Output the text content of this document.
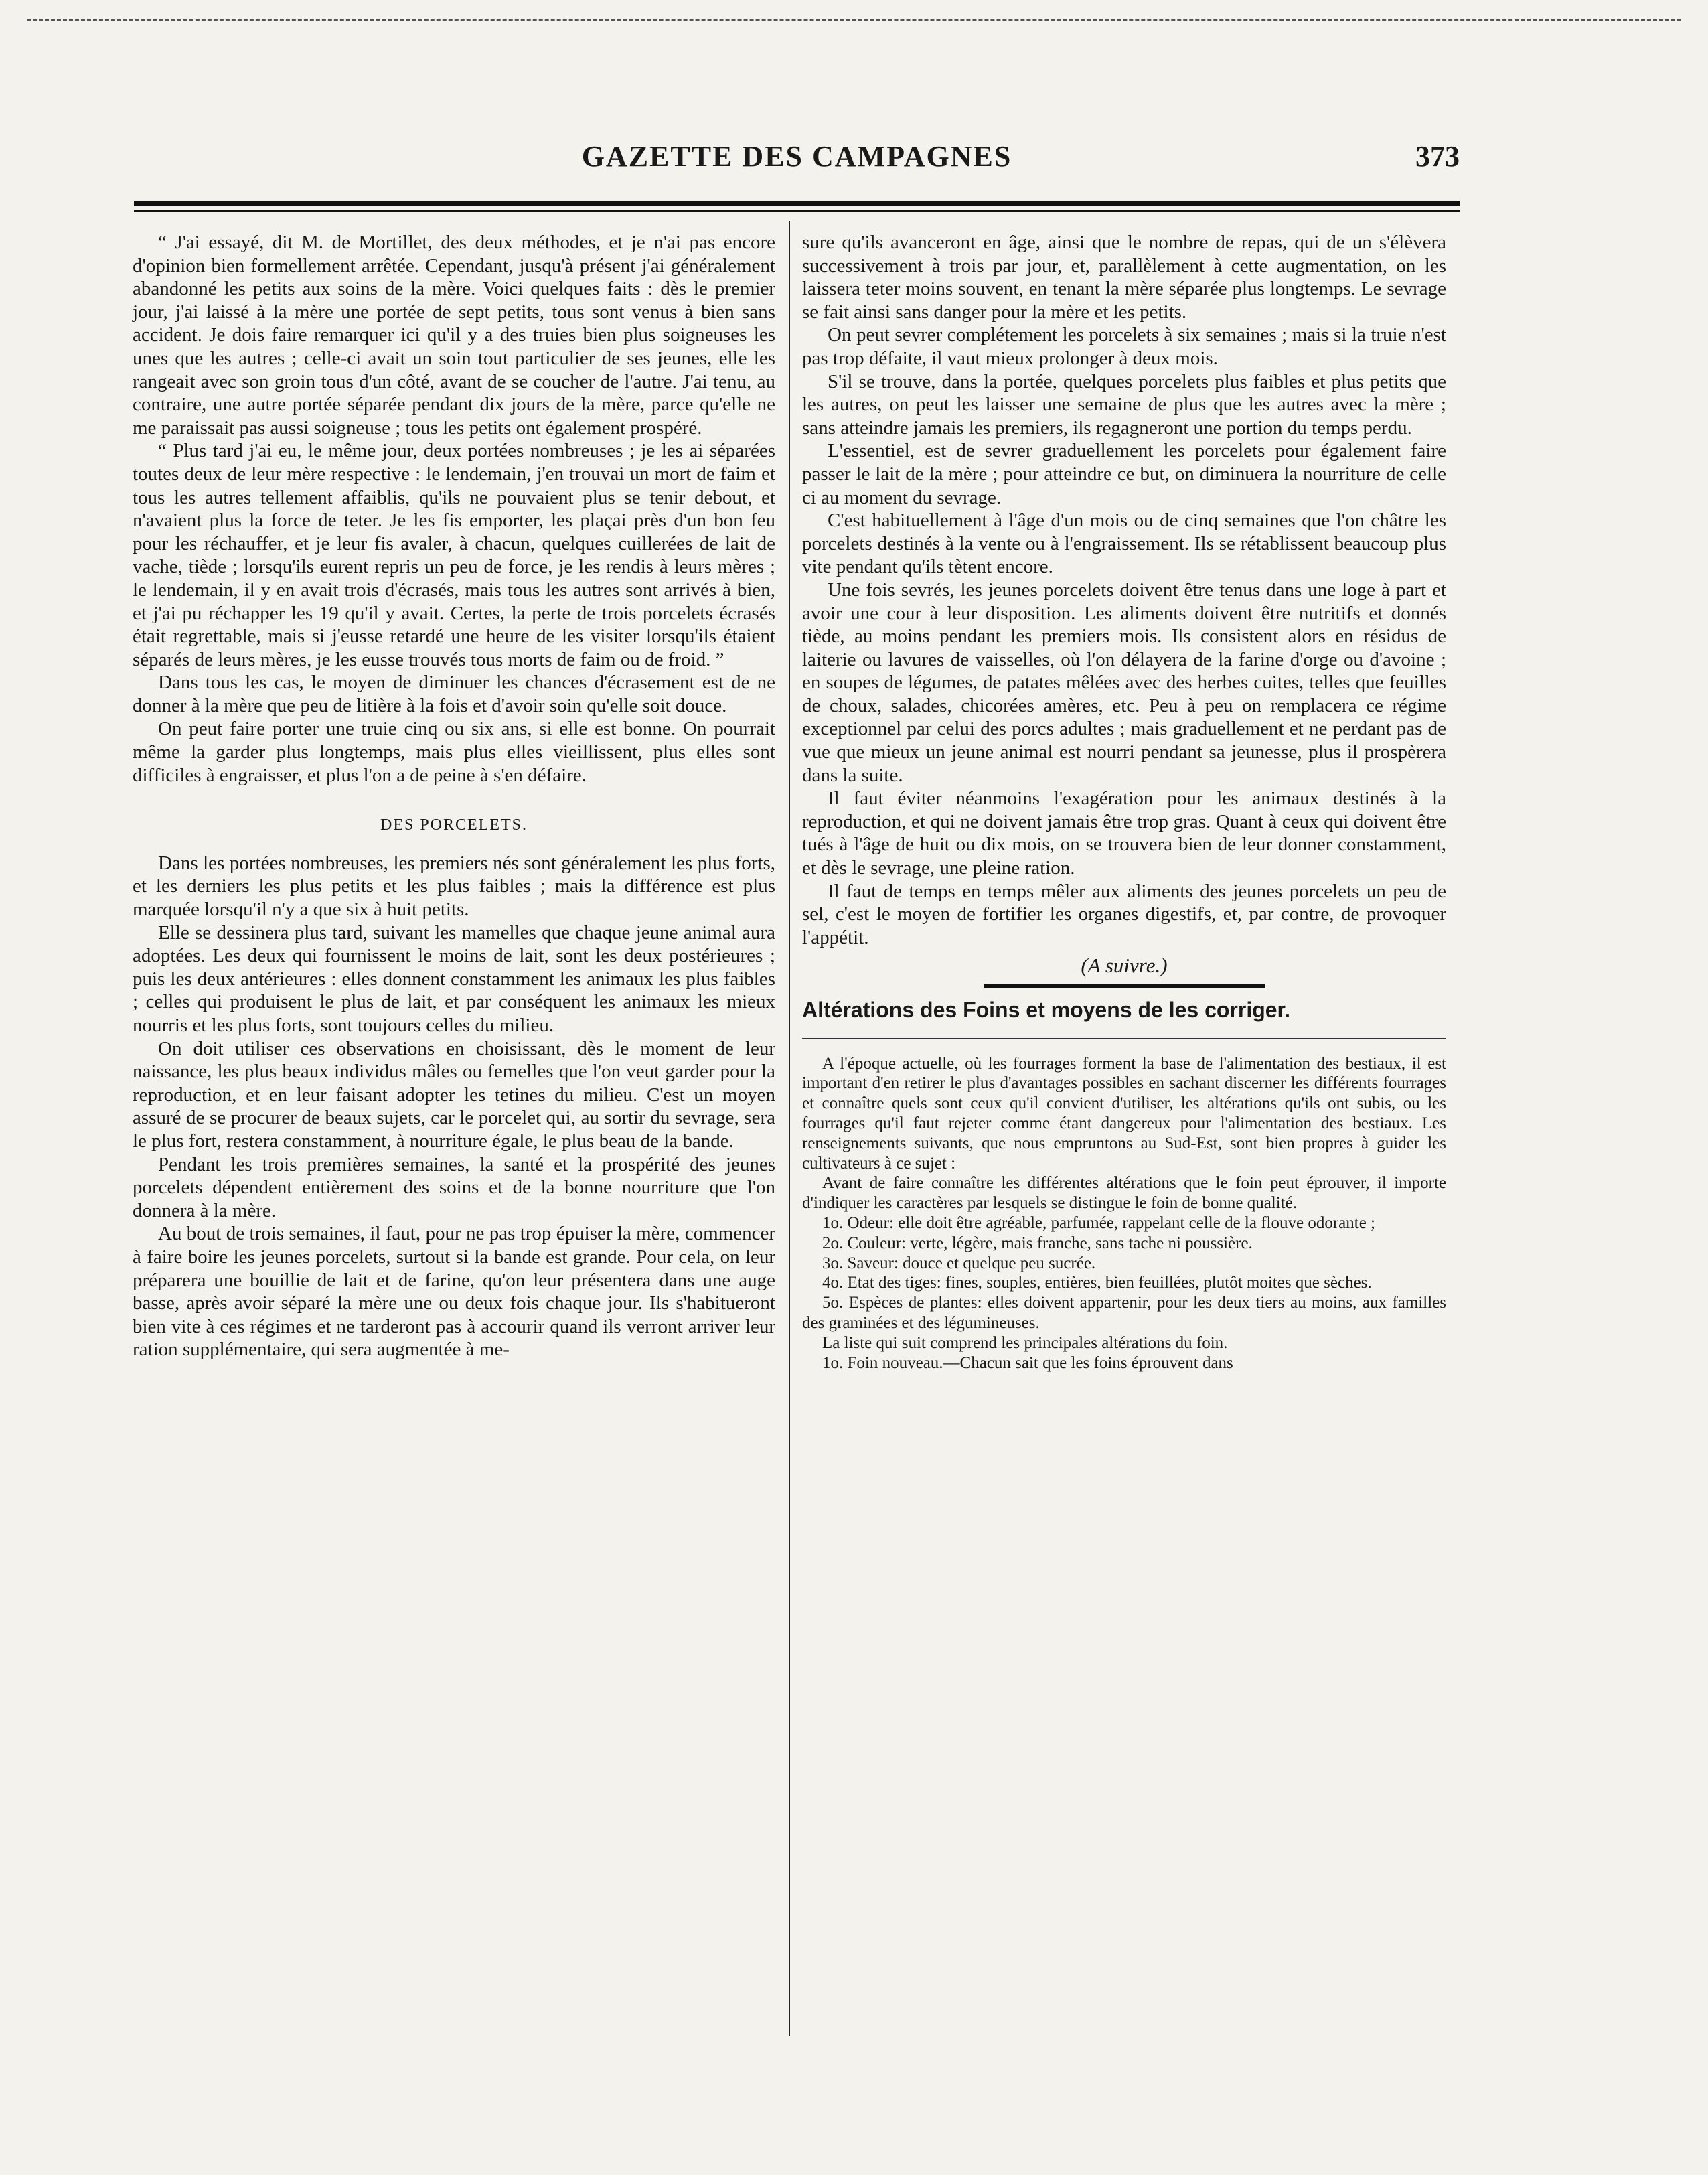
GAZETTE DES CAMPAGNES	373

“ J'ai essayé, dit M. de Mortillet, des deux méthodes, et je n'ai pas encore d'opinion bien formellement arrêtée. Cependant, jusqu'à présent j'ai généralement abandonné les petits aux soins de la mère. Voici quelques faits : dès le premier jour, j'ai laissé à la mère une portée de sept petits, tous sont venus à bien sans accident. Je dois faire remarquer ici qu'il y a des truies bien plus soigneuses les unes que les autres ; celle-ci avait un soin tout particulier de ses jeunes, elle les rangeait avec son groin tous d'un côté, avant de se coucher de l'autre. J'ai tenu, au contraire, une autre portée séparée pendant dix jours de la mère, parce qu'elle ne me paraissait pas aussi soigneuse ; tous les petits ont également prospéré.

“ Plus tard j'ai eu, le même jour, deux portées nombreuses ; je les ai séparées toutes deux de leur mère respective : le lendemain, j'en trouvai un mort de faim et tous les autres tellement affaiblis, qu'ils ne pouvaient plus se tenir debout, et n'avaient plus la force de teter. Je les fis emporter, les plaçai près d'un bon feu pour les réchauffer, et je leur fis avaler, à chacun, quelques cuillerées de lait de vache, tiède ; lorsqu'ils eurent repris un peu de force, je les rendis à leurs mères ; le lendemain, il y en avait trois d'écrasés, mais tous les autres sont arrivés à bien, et j'ai pu réchapper les 19 qu'il y avait. Certes, la perte de trois porcelets écrasés était regrettable, mais si j'eusse retardé une heure de les visiter lorsqu'ils étaient séparés de leurs mères, je les eusse trouvés tous morts de faim ou de froid. ”

Dans tous les cas, le moyen de diminuer les chances d'écrasement est de ne donner à la mère que peu de litière à la fois et d'avoir soin qu'elle soit douce.

On peut faire porter une truie cinq ou six ans, si elle est bonne. On pourrait même la garder plus longtemps, mais plus elles vieillissent, plus elles sont difficiles à engraisser, et plus l'on a de peine à s'en défaire.

DES PORCELETS.

Dans les portées nombreuses, les premiers nés sont généralement les plus forts, et les derniers les plus petits et les plus faibles ; mais la différence est plus marquée lorsqu'il n'y a que six à huit petits.

Elle se dessinera plus tard, suivant les mamelles que chaque jeune animal aura adoptées. Les deux qui fournissent le moins de lait, sont les deux postérieures ; puis les deux antérieures : elles donnent constamment les animaux les plus faibles ; celles qui produisent le plus de lait, et par conséquent les animaux les mieux nourris et les plus forts, sont toujours celles du milieu.

On doit utiliser ces observations en choisissant, dès le moment de leur naissance, les plus beaux individus mâles ou femelles que l'on veut garder pour la reproduction, et en leur faisant adopter les tetines du milieu. C'est un moyen assuré de se procurer de beaux sujets, car le porcelet qui, au sortir du sevrage, sera le plus fort, restera constamment, à nourriture égale, le plus beau de la bande.

Pendant les trois premières semaines, la santé et la prospérité des jeunes porcelets dépendent entièrement des soins et de la bonne nourriture que l'on donnera à la mère.

Au bout de trois semaines, il faut, pour ne pas trop épuiser la mère, commencer à faire boire les jeunes porcelets, surtout si la bande est grande. Pour cela, on leur préparera une bouillie de lait et de farine, qu'on leur présentera dans une auge basse, après avoir séparé la mère une ou deux fois chaque jour. Ils s'habitueront bien vite à ces régimes et ne tarderont pas à accourir quand ils verront arriver leur ration supplémentaire, qui sera augmentée à me-

sure qu'ils avanceront en âge, ainsi que le nombre de repas, qui de un s'élèvera successivement à trois par jour, et, parallèlement à cette augmentation, on les laissera teter moins souvent, en tenant la mère séparée plus longtemps. Le sevrage se fait ainsi sans danger pour la mère et les petits.

On peut sevrer complétement les porcelets à six semaines ; mais si la truie n'est pas trop défaite, il vaut mieux prolonger à deux mois.

S'il se trouve, dans la portée, quelques porcelets plus faibles et plus petits que les autres, on peut les laisser une semaine de plus que les autres avec la mère ; sans atteindre jamais les premiers, ils regagneront une portion du temps perdu.

L'essentiel, est de sevrer graduellement les porcelets pour également faire passer le lait de la mère ; pour atteindre ce but, on diminuera la nourriture de celle ci au moment du sevrage.

C'est habituellement à l'âge d'un mois ou de cinq semaines que l'on châtre les porcelets destinés à la vente ou à l'engraissement. Ils se rétablissent beaucoup plus vite pendant qu'ils tètent encore.

Une fois sevrés, les jeunes porcelets doivent être tenus dans une loge à part et avoir une cour à leur disposition. Les aliments doivent être nutritifs et donnés tiède, au moins pendant les premiers mois. Ils consistent alors en résidus de laiterie ou lavures de vaisselles, où l'on délayera de la farine d'orge ou d'avoine ; en soupes de légumes, de patates mêlées avec des herbes cuites, telles que feuilles de choux, salades, chicorées amères, etc. Peu à peu on remplacera ce régime exceptionnel par celui des porcs adultes ; mais graduellement et ne perdant pas de vue que mieux un jeune animal est nourri pendant sa jeunesse, plus il prospèrera dans la suite.

Il faut éviter néanmoins l'exagération pour les animaux destinés à la reproduction, et qui ne doivent jamais être trop gras. Quant à ceux qui doivent être tués à l'âge de huit ou dix mois, on se trouvera bien de leur donner constamment, et dès le sevrage, une pleine ration.

Il faut de temps en temps mêler aux aliments des jeunes porcelets un peu de sel, c'est le moyen de fortifier les organes digestifs, et, par contre, de provoquer l'appétit.

(A suivre.)
Altérations des Foins et moyens de les corriger.

A l'époque actuelle, où les fourrages forment la base de l'alimentation des bestiaux, il est important d'en retirer le plus d'avantages possibles en sachant discerner les différents fourrages et connaître quels sont ceux qu'il convient d'utiliser, les altérations qu'ils ont subis, ou les fourrages qu'il faut rejeter comme étant dangereux pour l'alimentation des bestiaux. Les renseignements suivants, que nous empruntons au Sud-Est, sont bien propres à guider les cultivateurs à ce sujet :

Avant de faire connaître les différentes altérations que le foin peut éprouver, il importe d'indiquer les caractères par lesquels se distingue le foin de bonne qualité.

1o. Odeur: elle doit être agréable, parfumée, rappelant celle de la flouve odorante ;

2o. Couleur: verte, légère, mais franche, sans tache ni poussière.

3o. Saveur: douce et quelque peu sucrée.

4o. Etat des tiges: fines, souples, entières, bien feuillées, plutôt moites que sèches.

5o. Espèces de plantes: elles doivent appartenir, pour les deux tiers au moins, aux familles des graminées et des légumineuses.

La liste qui suit comprend les principales altérations du foin.

1o. Foin nouveau.—Chacun sait que les foins éprouvent dans
